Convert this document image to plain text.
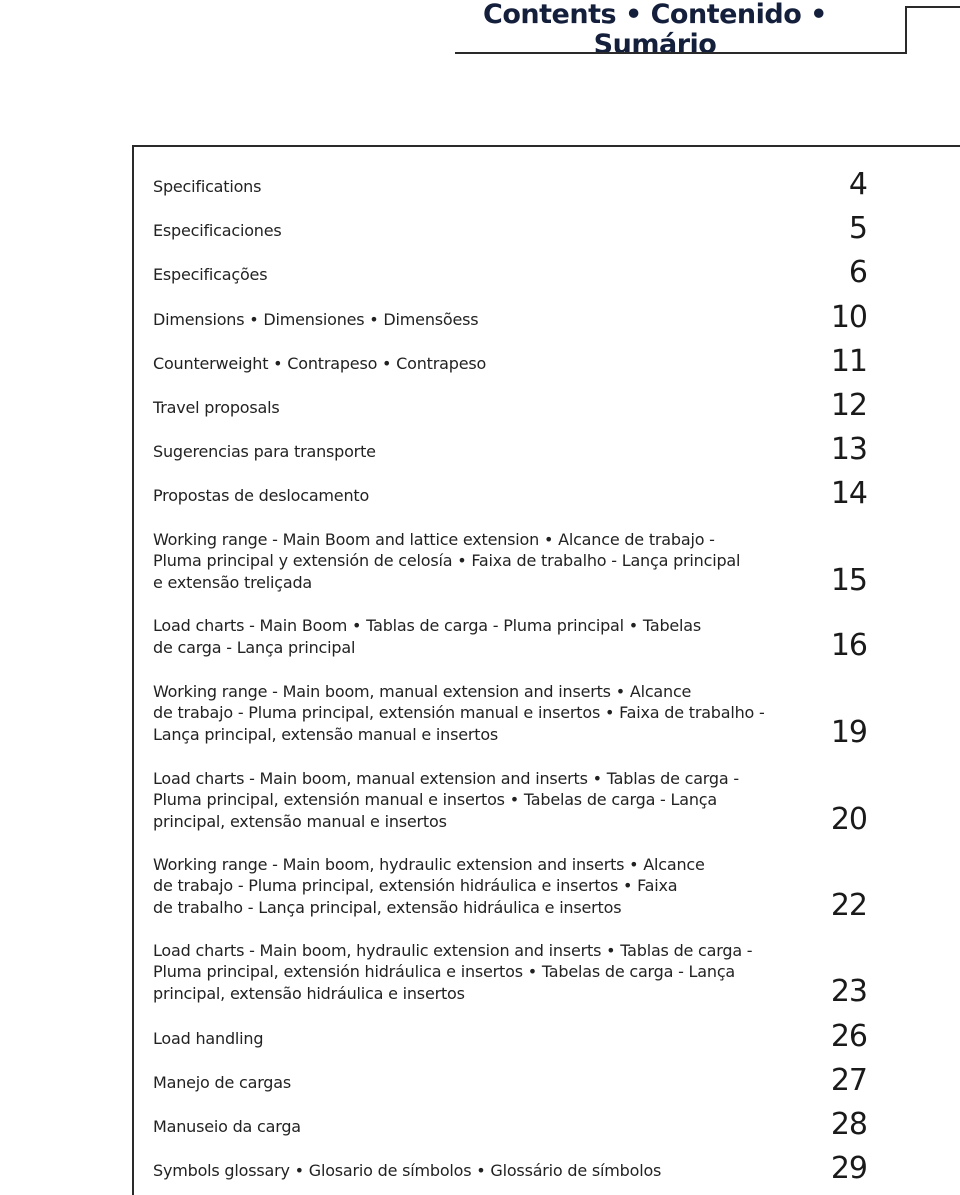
Contents • Contenido • Sumário
Specifications	4
Especificaciones	5
Especificações	6
Dimensions • Dimensiones • Dimensõess	10
Counterweight • Contrapeso • Contrapeso	11
Travel proposals	12
Sugerencias para transporte	13
Propostas de deslocamento	14
Working range - Main Boom and lattice extension • Alcance de trabajo -
Pluma principal y extensión de celosía • Faixa de trabalho - Lança principal
e extensão treliçada	15
Load charts - Main Boom • Tablas de carga - Pluma principal • Tabelas
de carga - Lança principal	16
Working range - Main boom, manual extension and inserts • Alcance
de trabajo - Pluma principal, extensión manual e insertos • Faixa de trabalho -
Lança principal, extensão manual e insertos	19
Load charts - Main boom, manual extension and inserts • Tablas de carga -
Pluma principal, extensión manual e insertos • Tabelas de carga - Lança
principal, extensão manual e insertos	20
Working range - Main boom, hydraulic extension and inserts • Alcance
de trabajo - Pluma principal, extensión hidráulica e insertos • Faixa
de trabalho - Lança principal, extensão hidráulica e insertos	22
Load charts - Main boom, hydraulic extension and inserts • Tablas de carga -
Pluma principal, extensión hidráulica e insertos • Tabelas de carga - Lança
principal, extensão hidráulica e insertos	23
Load handling	26
Manejo de cargas	27
Manuseio da carga	28
Symbols glossary • Glosario de símbolos • Glossário de símbolos	29
